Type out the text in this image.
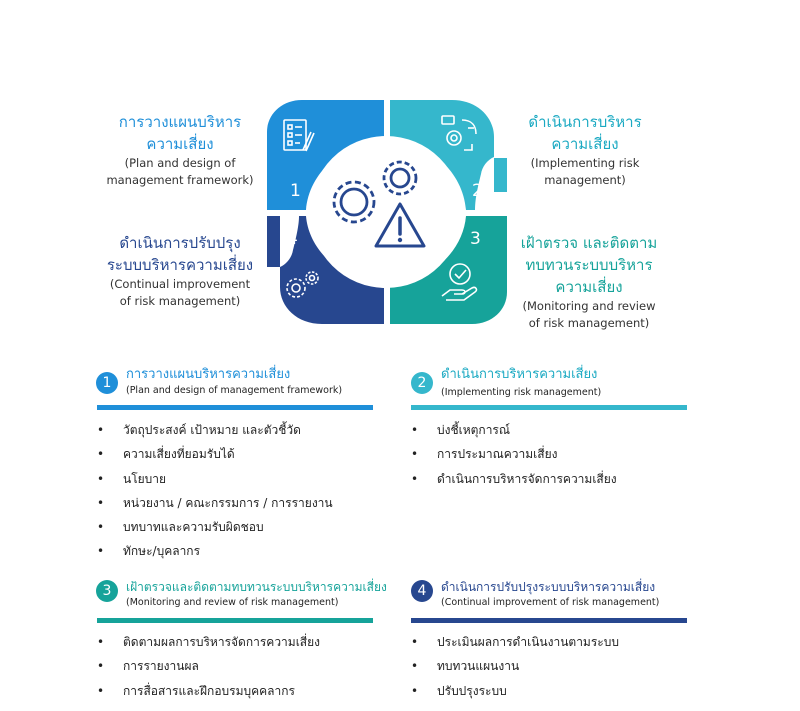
1	2
3
4
การวางแผนบริหาร
ความเสี่ยง
(Plan and design of
management framework)
ดำเนินการบริหาร
ความเสี่ยง
(Implementing risk
management)
เฝ้าตรวจ และติดตาม
ทบทวนระบบบริหาร
ความเสี่ยง
(Monitoring and review
of risk management)
ดำเนินการปรับปรุง
ระบบบริหารความเสี่ยง
(Continual improvement
of risk management)
1
การวางแผนบริหารความเสี่ยง
(Plan and design of management framework)
• วัตถุประสงค์ เป้าหมาย และตัวชี้วัด
• ความเสี่ยงที่ยอมรับได้
• นโยบาย
• หน่วยงาน / คณะกรรมการ / การรายงาน
• บทบาทและความรับผิดชอบ
• ทักษะ/บุคลากร
2
ดำเนินการบริหารความเสี่ยง
(Implementing risk management)
• บ่งชี้เหตุการณ์
• การประมาณความเสี่ยง
• ดำเนินการบริหารจัดการความเสี่ยง
3	เฝ้าตรวจและติดตามทบทวนระบบบริหารความเสี่ยง
(Monitoring and review of risk management)
• ติดตามผลการบริหารจัดการความเสี่ยง
• การรายงานผล
• การสื่อสารและฝึกอบรมบุคคลากร
4	ดำเนินการปรับปรุงระบบบริหารความเสี่ยง
(Continual improvement of risk management)
• ประเมินผลการดำเนินงานตามระบบ
• ทบทวนแผนงาน
• ปรับปรุงระบบ
